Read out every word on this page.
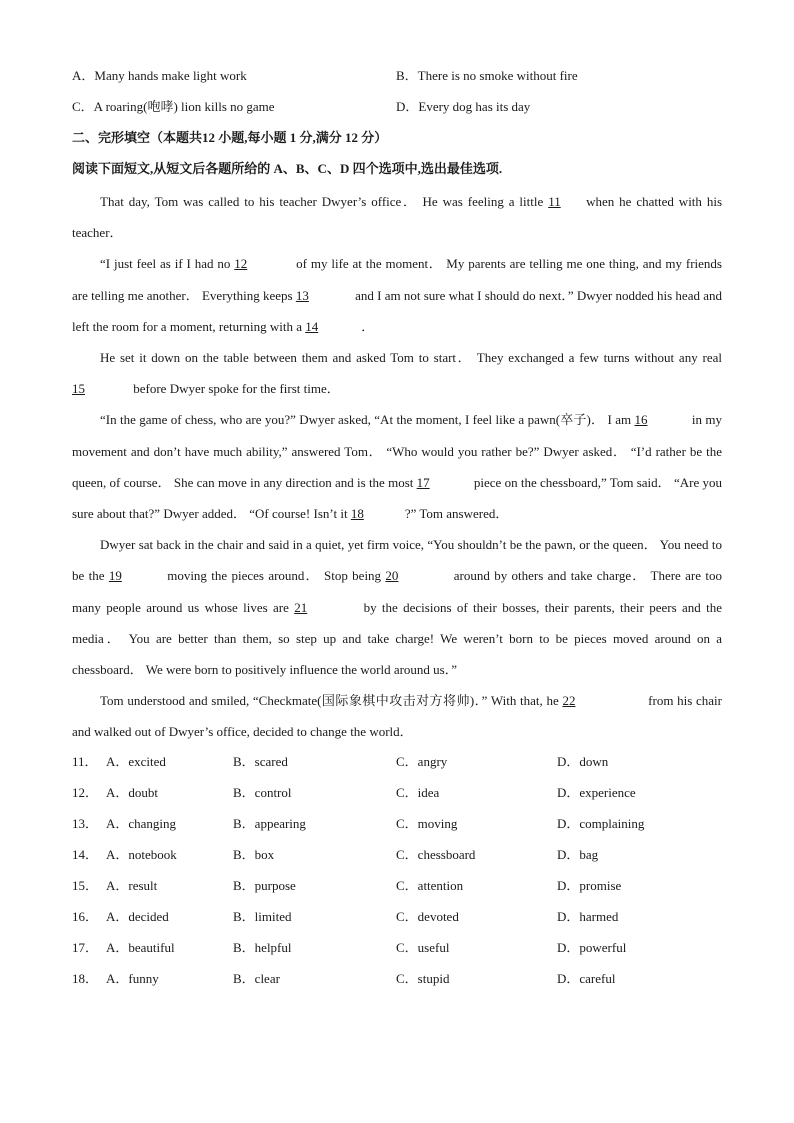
A．Many hands make light work	B．There is no smoke without fire
C．A roaring(咆哮) lion kills no game	D．Every dog has its day
二、完形填空（本题共12 小题,每小题 1 分,满分 12 分）
阅读下面短文,从短文后各题所给的 A、B、C、D 四个选项中,选出最佳选项.
That day, Tom was called to his teacher Dwyer’s office． He was feeling a little 11 when he chatted with his teacher．
“I just feel as if I had no 12	of my life at the moment． My parents are telling me one thing, and my friends are telling me another． Everything keeps 13	and I am not sure what I should do next．” Dwyer nodded his head and left the room for a moment, returning with a 14	．
He set it down on the table between them and asked Tom to start． They exchanged a few turns without any real 15	before Dwyer spoke for the first time．
“In the game of chess, who are you?” Dwyer asked, “At the moment, I feel like a pawn(卒子)． I am 16	in my movement and don’t have much ability,” answered Tom． “Who would you rather be?” Dwyer asked． “I’d rather be the queen, of course． She can move in any direction and is the most 17	piece on the chessboard,” Tom said． “Are you sure about that?” Dwyer added． “Of course! Isn’t it 18	?” Tom answered．
Dwyer sat back in the chair and said in a quiet, yet firm voice, “You shouldn’t be the pawn, or the queen． You need to be the 19	moving the pieces around． Stop being 20	around by others and take charge． There are too many people around us whose lives are 21	by the decisions of their bosses, their parents, their peers and the media． You are better than them, so step up and take charge! We weren’t born to be pieces moved around on a chessboard． We were born to positively influence the world around us．”
Tom understood and smiled, “Checkmate(国际象棋中攻击对方将帅)．” With that, he 22	from his chair and walked out of Dwyer’s office, decided to change the world．
11． A．excited	B．scared	C．angry	D．down
12． A．doubt	B．control	C．idea	D．experience
13． A．changing	B．appearing	C．moving	D．complaining
14． A．notebook	B．box	C．chessboard	D．bag
15． A．result	B．purpose	C．attention	D．promise
16． A．decided	B．limited	C．devoted	D．harmed
17． A．beautiful	B．helpful	C．useful	D．powerful
18． A．funny	B．clear	C．stupid	D．careful
